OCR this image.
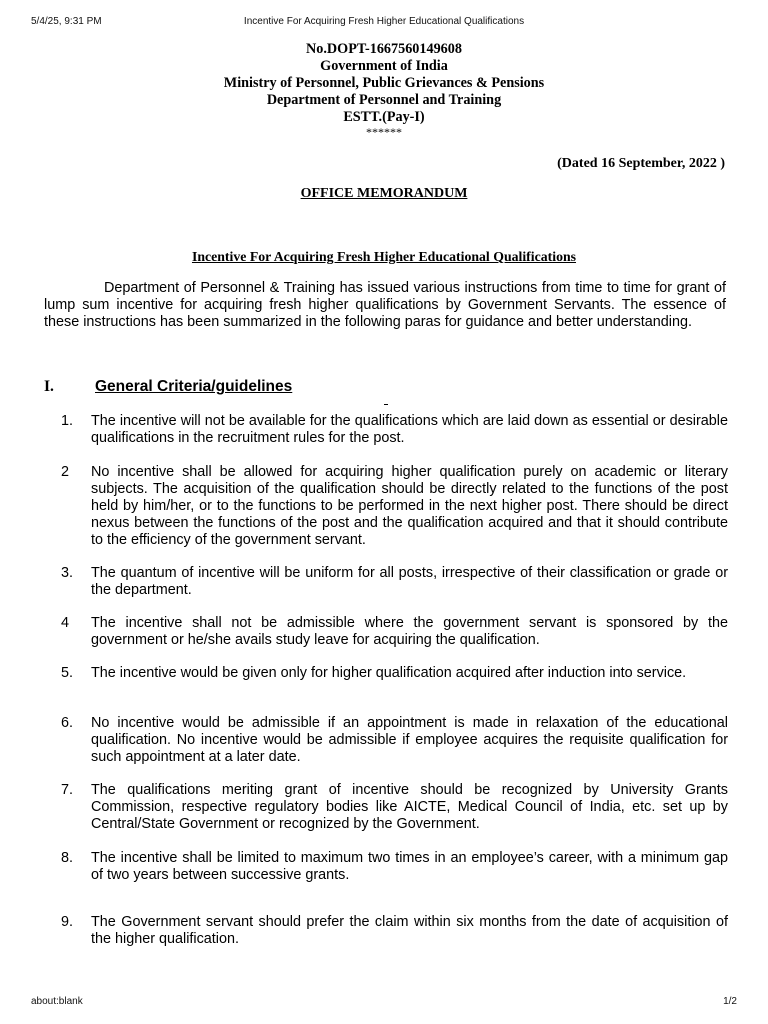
5/4/25, 9:31 PM	Incentive For Acquiring Fresh Higher Educational Qualifications
No.DOPT-1667560149608
Government of India
Ministry of Personnel, Public Grievances & Pensions
Department of Personnel and Training
ESTT.(Pay-I)
******
(Dated 16 September, 2022 )
OFFICE MEMORANDUM
Incentive For Acquiring Fresh Higher Educational Qualifications

Department of Personnel & Training has issued various instructions from time to time for grant of lump sum incentive for acquiring fresh higher qualifications by Government Servants. The essence of these instructions has been summarized in the following paras for guidance and better understanding.

I.	General Criteria/guidelines
1. The incentive will not be available for the qualifications which are laid down as essential or desirable qualifications in the recruitment rules for the post.
2 No incentive shall be allowed for acquiring higher qualification purely on academic or literary subjects. The acquisition of the qualification should be directly related to the functions of the post held by him/her, or to the functions to be performed in the next higher post. There should be direct nexus between the functions of the post and the qualification acquired and that it should contribute to the efficiency of the government servant.
3. The quantum of incentive will be uniform for all posts, irrespective of their classification or grade or the department.
4 The incentive shall not be admissible where the government servant is sponsored by the government or he/she avails study leave for acquiring the qualification.
5. The incentive would be given only for higher qualification acquired after induction into service.
6. No incentive would be admissible if an appointment is made in relaxation of the educational qualification. No incentive would be admissible if employee acquires the requisite qualification for such appointment at a later date.
7. The qualifications meriting grant of incentive should be recognized by University Grants Commission, respective regulatory bodies like AICTE, Medical Council of India, etc. set up by Central/State Government or recognized by the Government.
8. The incentive shall be limited to maximum two times in an employee’s career, with a minimum gap of two years between successive grants.
9. The Government servant should prefer the claim within six months from the date of acquisition of the higher qualification.
about:blank	1/2
